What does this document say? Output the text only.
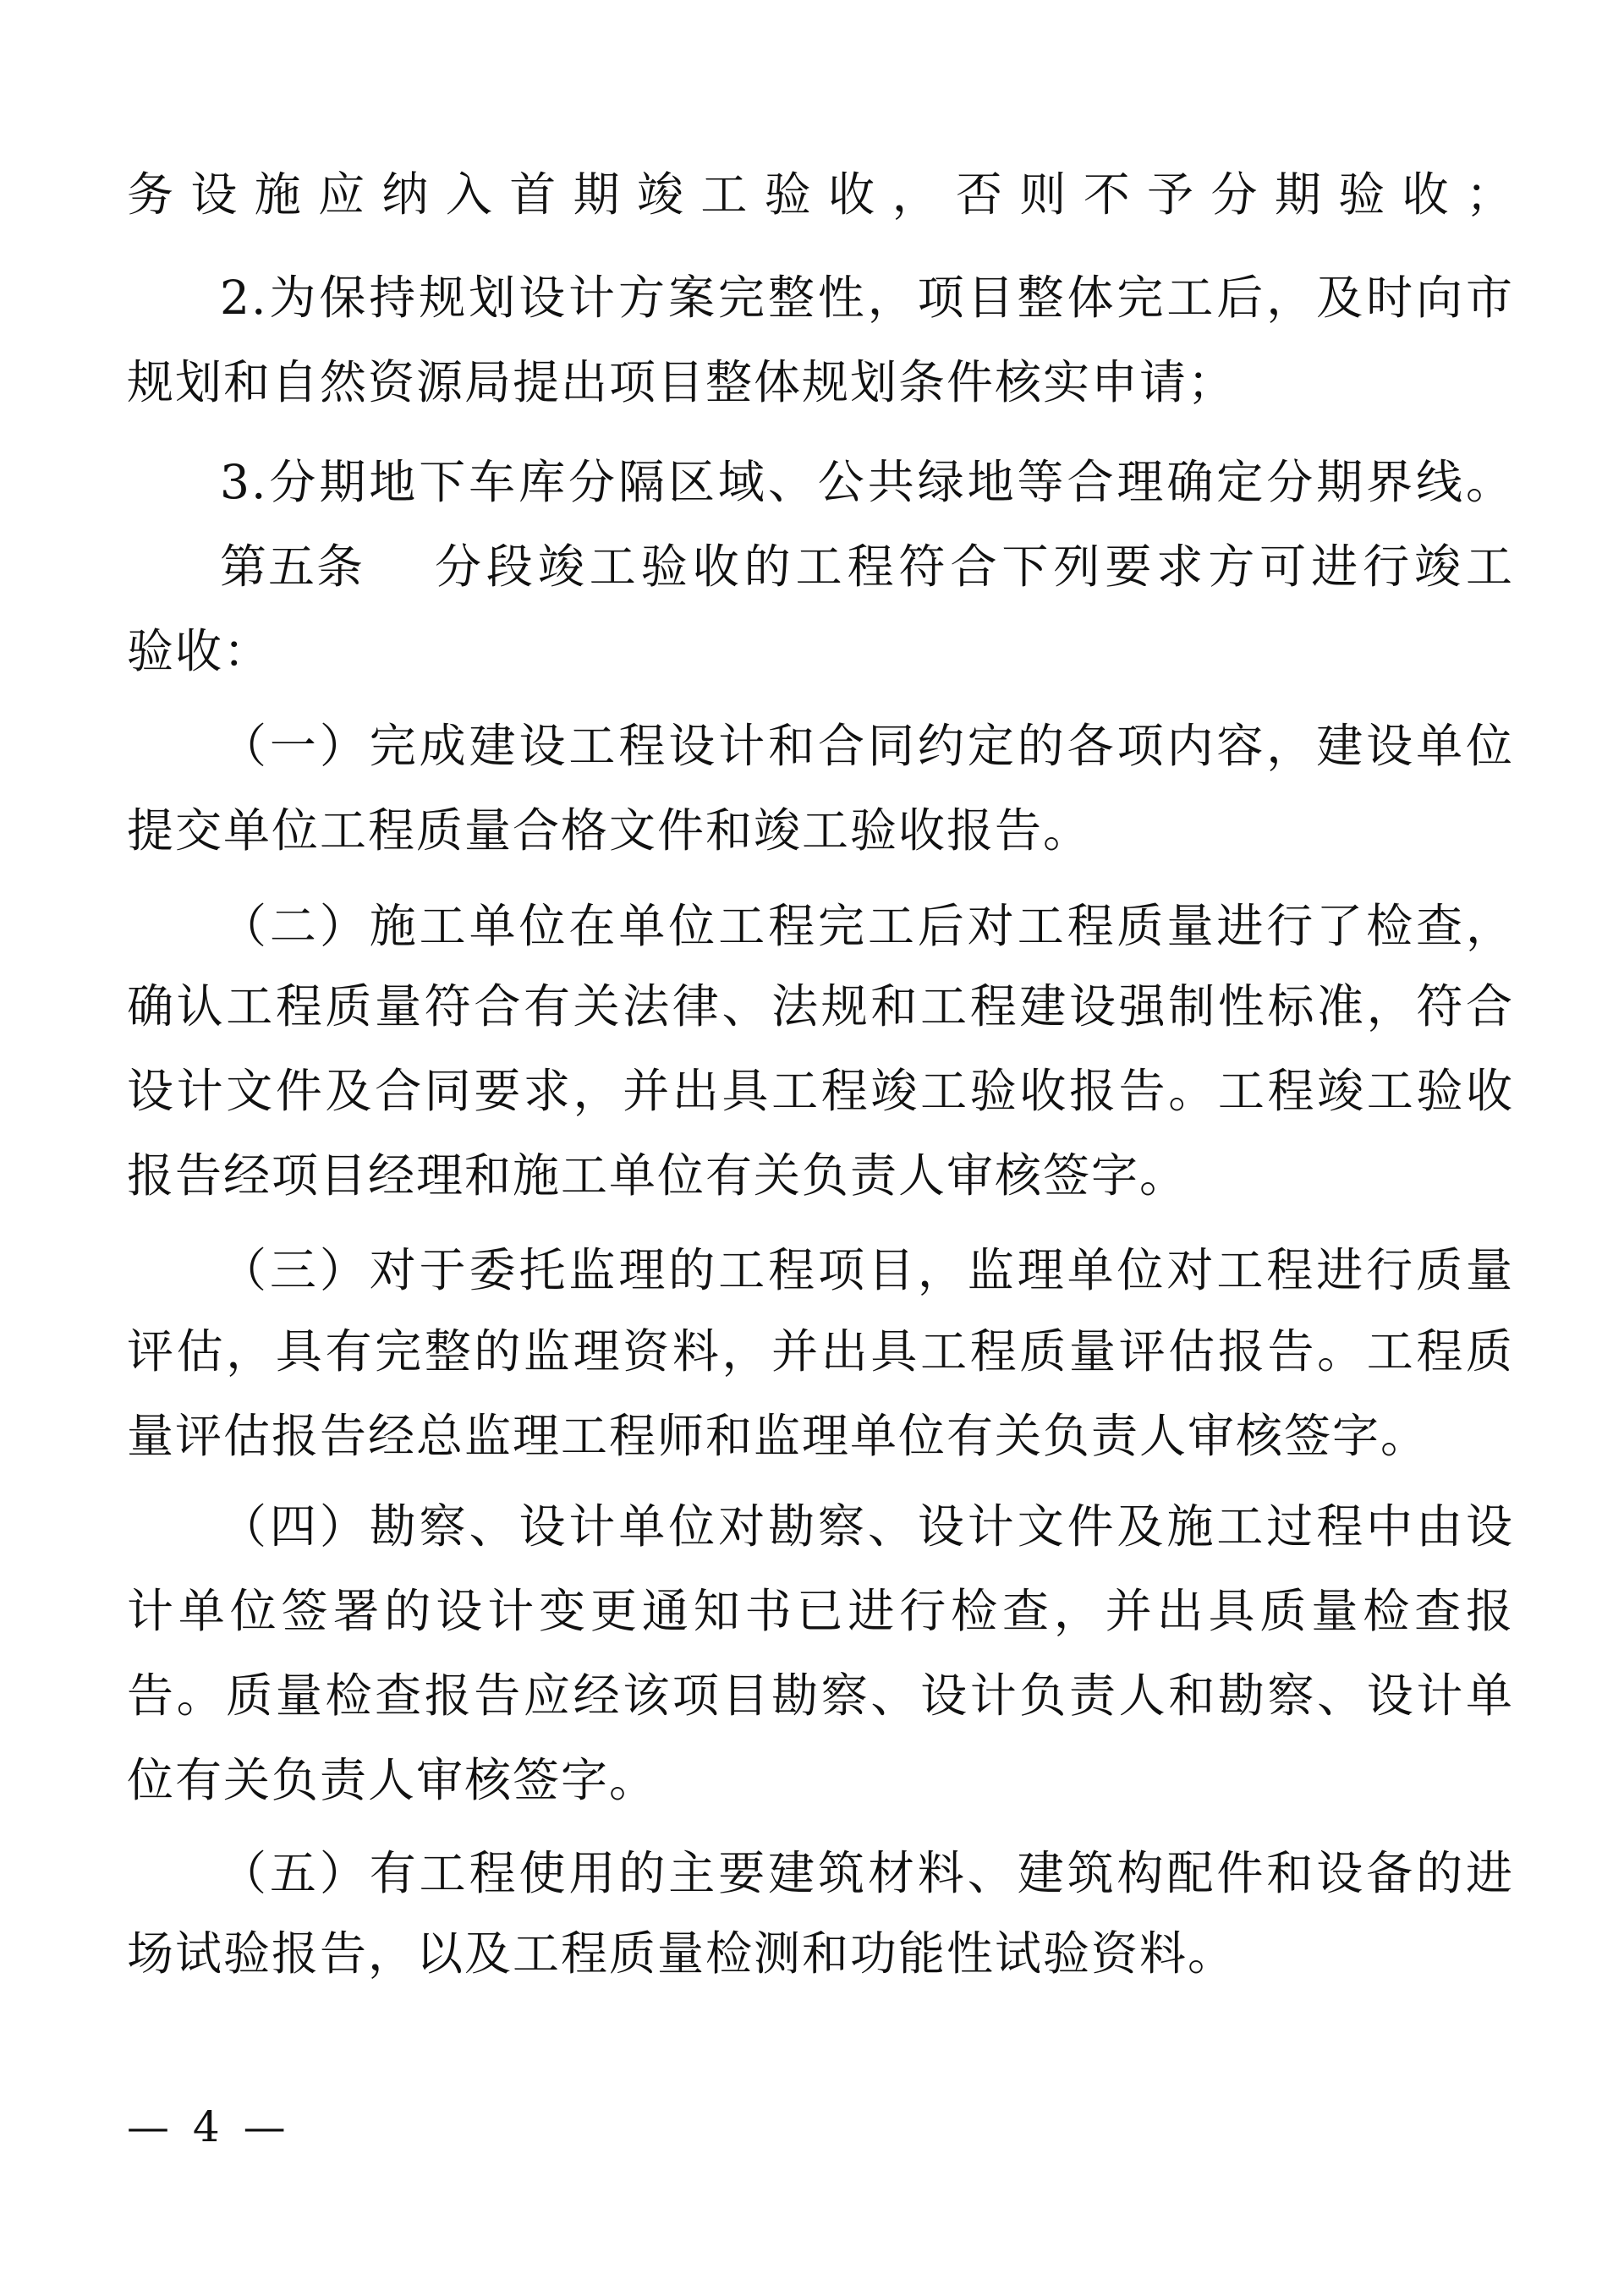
务设施应纳入首期竣工验收，否则不予分期验收；
2.为保持规划设计方案完整性，项目整体完工后，及时向市
规划和自然资源局提出项目整体规划条件核实申请；
3.分期地下车库分隔区域、公共绿地等合理确定分期界线。
第五条 分段竣工验收的工程符合下列要求方可进行竣工
验收：
（一）完成建设工程设计和合同约定的各项内容，建设单位
提交单位工程质量合格文件和竣工验收报告。
（二）施工单位在单位工程完工后对工程质量进行了检查，
确认工程质量符合有关法律、法规和工程建设强制性标准，符合
设计文件及合同要求，并出具工程竣工验收报告。工程竣工验收
报告经项目经理和施工单位有关负责人审核签字。
（三）对于委托监理的工程项目，监理单位对工程进行质量
评估，具有完整的监理资料，并出具工程质量评估报告。工程质
量评估报告经总监理工程师和监理单位有关负责人审核签字。
（四）勘察、设计单位对勘察、设计文件及施工过程中由设
计单位签署的设计变更通知书已进行检查，并出具质量检查报
告。质量检查报告应经该项目勘察、设计负责人和勘察、设计单
位有关负责人审核签字。
（五）有工程使用的主要建筑材料、建筑构配件和设备的进
场试验报告，以及工程质量检测和功能性试验资料。
— 4 —
